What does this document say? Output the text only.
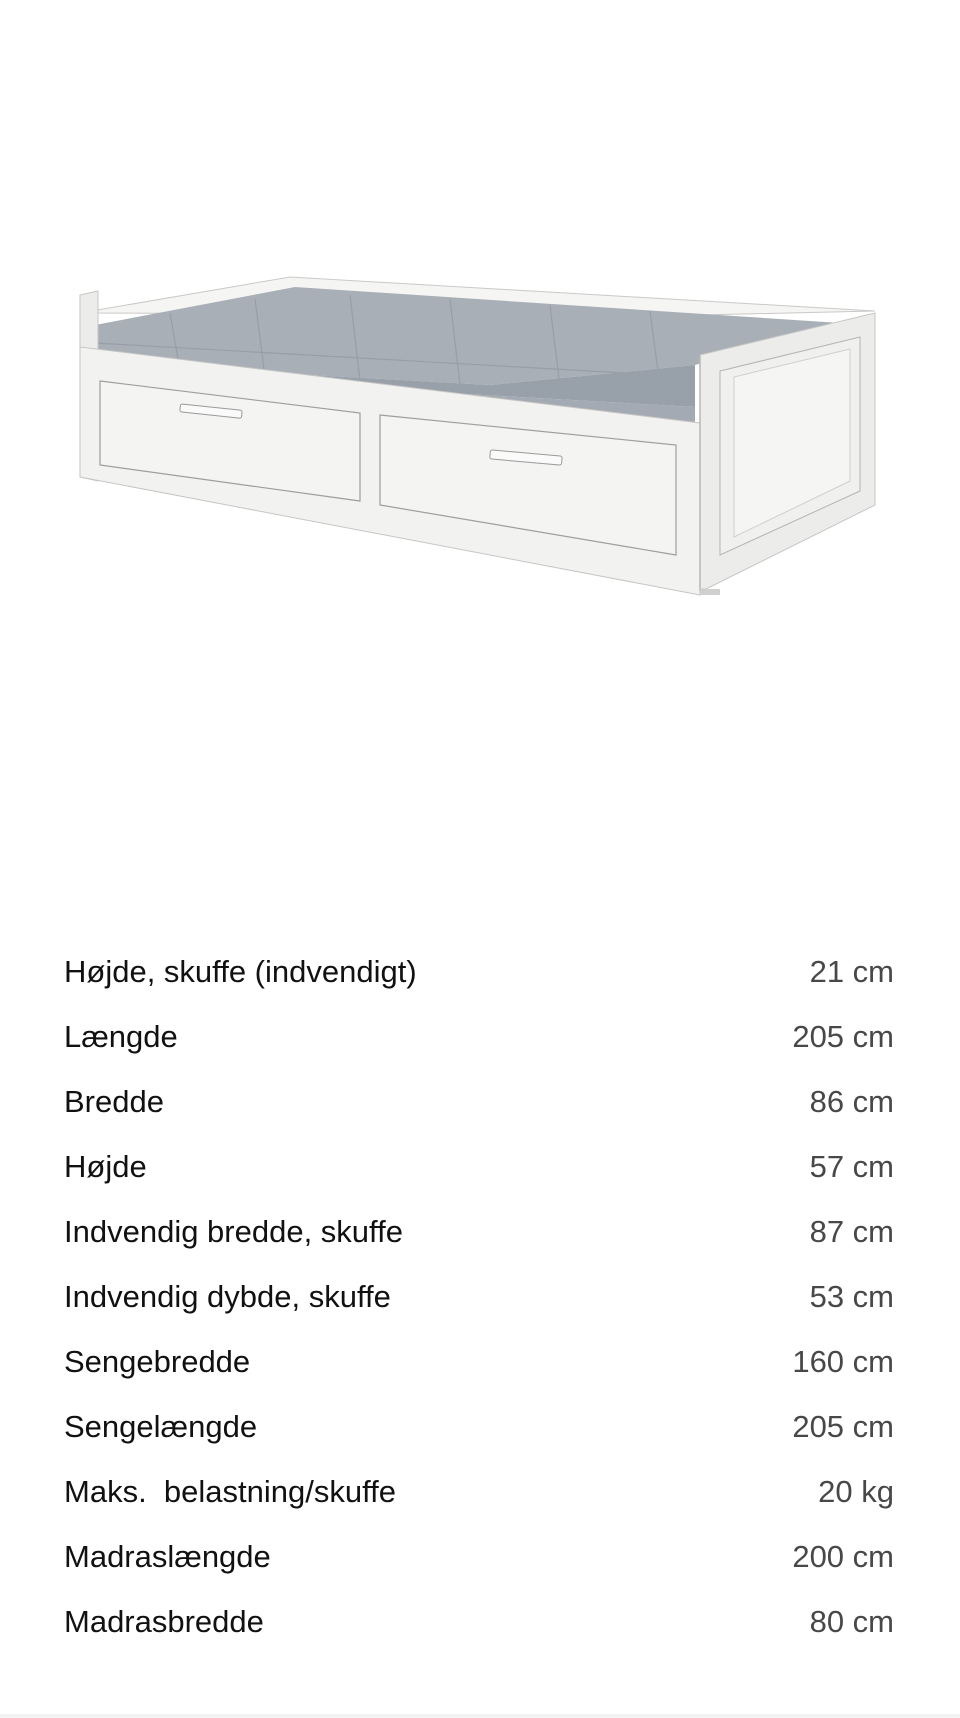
Højde, skuffe (indvendigt)	21 cm
Længde	205 cm
Bredde	86 cm
Højde	57 cm
Indvendig bredde, skuffe	87 cm
Indvendig dybde, skuffe	53 cm
Sengebredde	160 cm
Sengelængde	205 cm
Maks.  belastning/skuffe	20 kg
Madraslængde	200 cm
Madrasbredde	80 cm
